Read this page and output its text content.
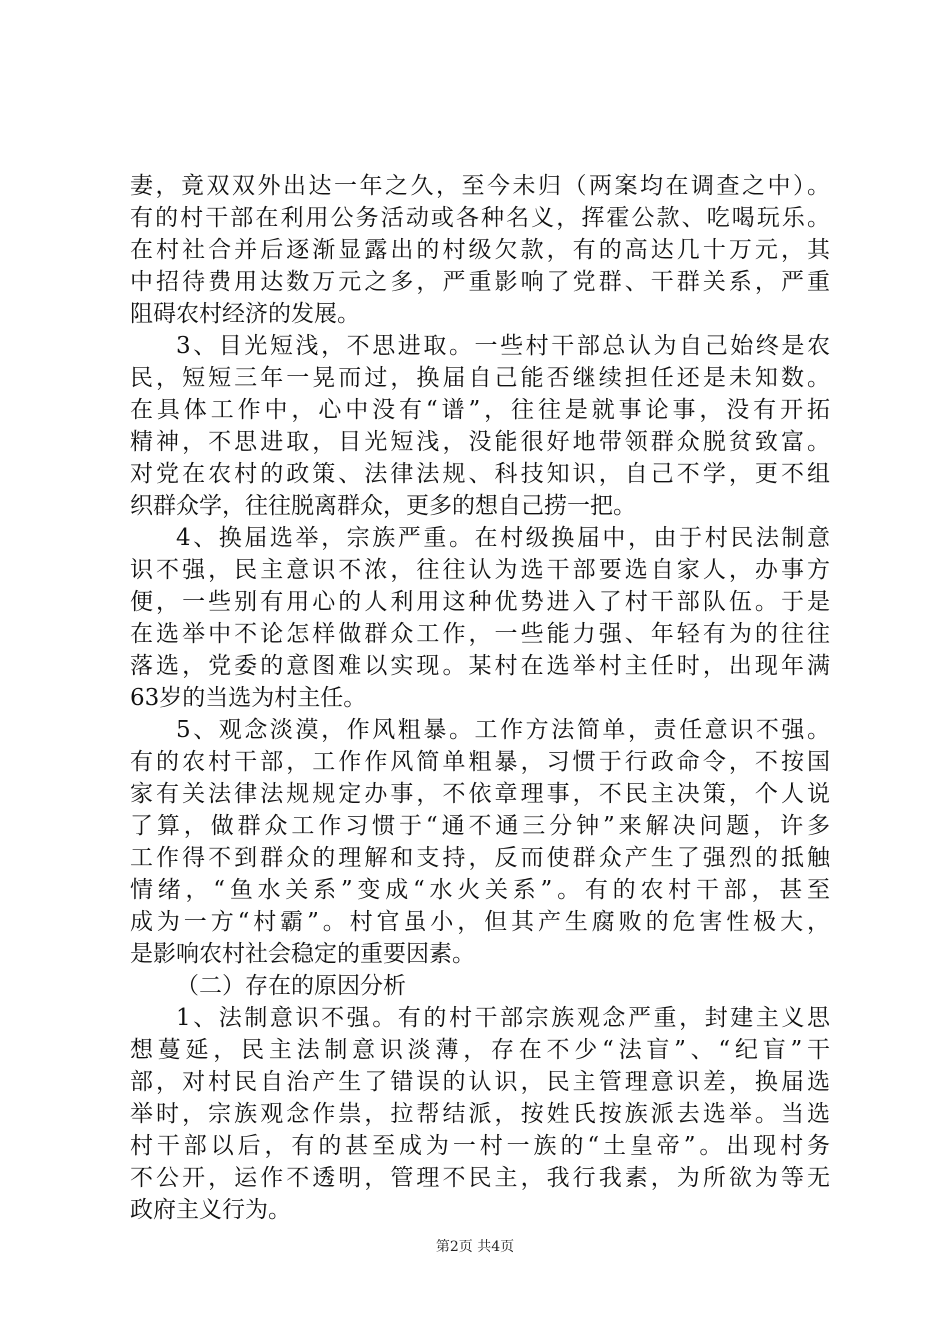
妻，竟双双外出达一年之久，至今未归（两案均在调查之中）。
有的村干部在利用公务活动或各种名义，挥霍公款、吃喝玩乐。
在村社合并后逐渐显露出的村级欠款，有的高达几十万元，其
中招待费用达数万元之多，严重影响了党群、干群关系，严重
阻碍农村经济的发展。
3、目光短浅，不思进取。一些村干部总认为自己始终是农
民，短短三年一晃而过，换届自己能否继续担任还是未知数。
在具体工作中，心中没有“谱”，往往是就事论事，没有开拓
精神，不思进取，目光短浅，没能很好地带领群众脱贫致富。
对党在农村的政策、法律法规、科技知识，自己不学，更不组
织群众学，往往脱离群众，更多的想自己捞一把。
4、换届选举，宗族严重。在村级换届中，由于村民法制意
识不强，民主意识不浓，往往认为选干部要选自家人，办事方
便，一些别有用心的人利用这种优势进入了村干部队伍。于是
在选举中不论怎样做群众工作，一些能力强、年轻有为的往往
落选，党委的意图难以实现。某村在选举村主任时，出现年满
63岁的当选为村主任。
5、观念淡漠，作风粗暴。工作方法简单，责任意识不强。
有的农村干部，工作作风简单粗暴，习惯于行政命令，不按国
家有关法律法规规定办事，不依章理事，不民主决策，个人说
了算，做群众工作习惯于“通不通三分钟”来解决问题，许多
工作得不到群众的理解和支持，反而使群众产生了强烈的抵触
情绪，“鱼水关系”变成“水火关系”。有的农村干部，甚至
成为一方“村霸”。村官虽小，但其产生腐败的危害性极大，
是影响农村社会稳定的重要因素。
（二）存在的原因分析
1、法制意识不强。有的村干部宗族观念严重，封建主义思
想蔓延，民主法制意识淡薄，存在不少“法盲”、“纪盲”干
部，对村民自治产生了错误的认识，民主管理意识差，换届选
举时，宗族观念作祟，拉帮结派，按姓氏按族派去选举。当选
村干部以后，有的甚至成为一村一族的“土皇帝”。出现村务
不公开，运作不透明，管理不民主，我行我素，为所欲为等无
政府主义行为。
第2页 共4页
